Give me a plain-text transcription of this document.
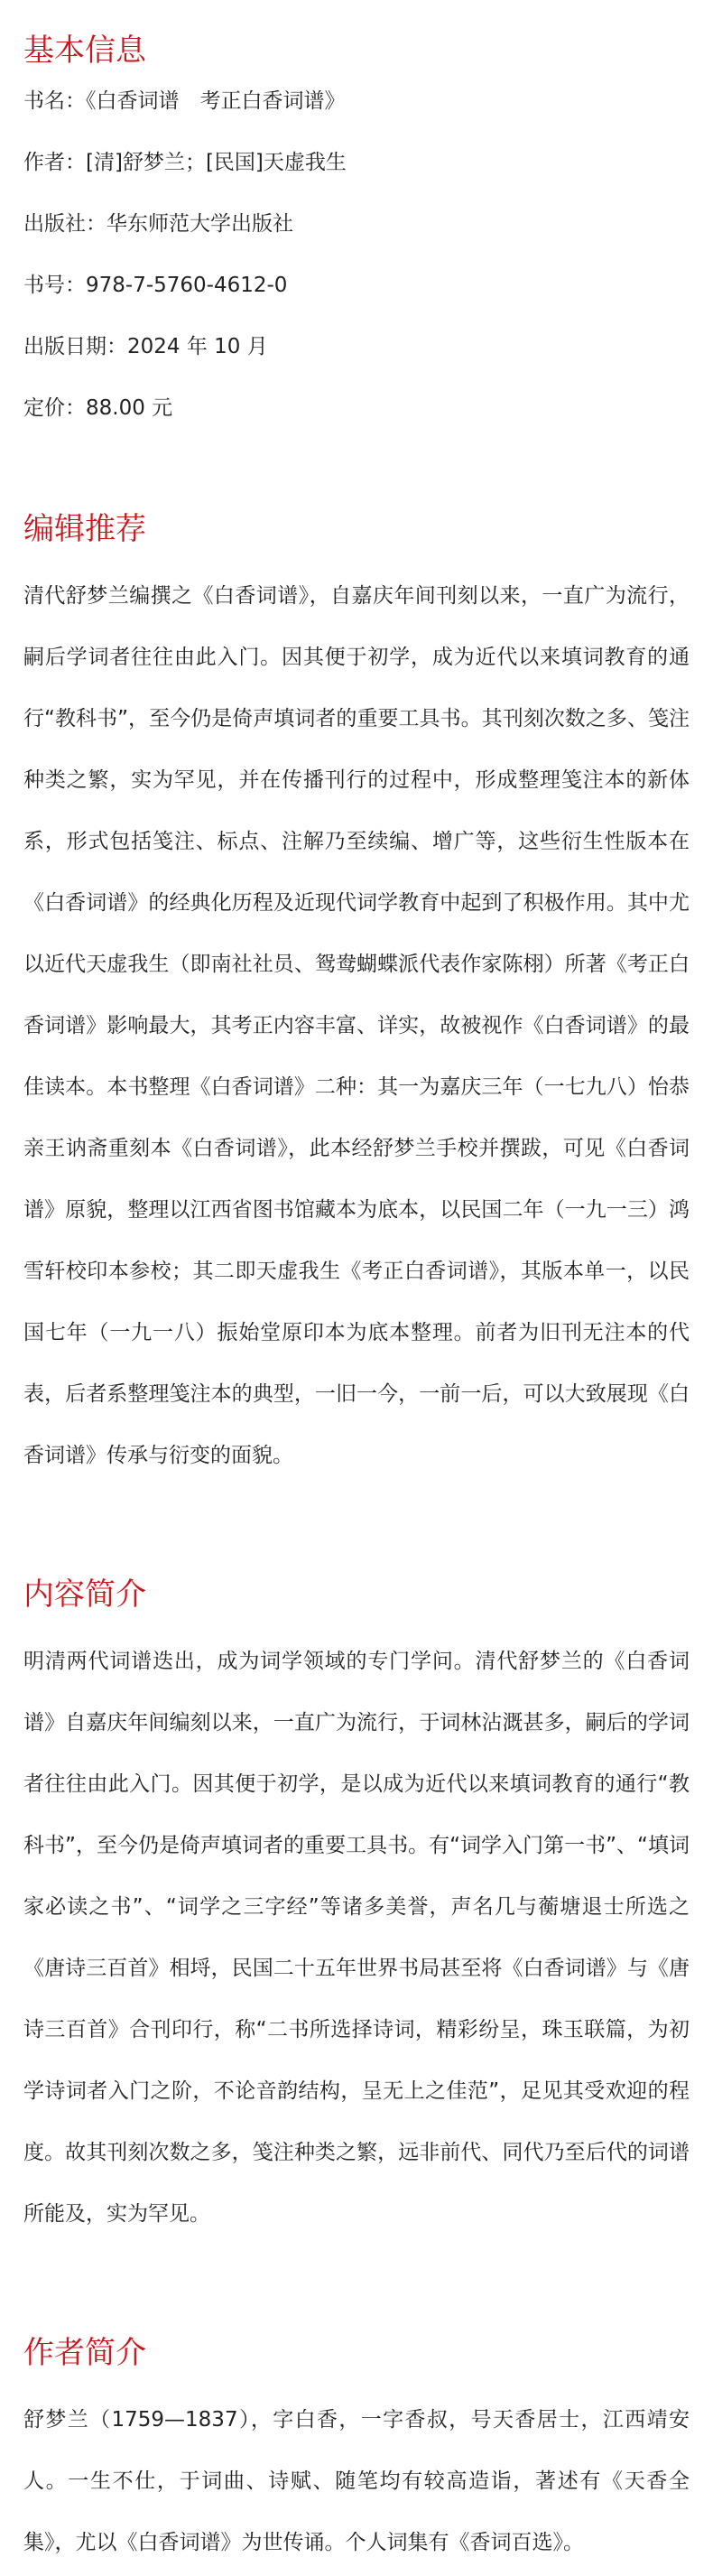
基本信息
书名：《白香词谱　考正白香词谱》
作者：[清]舒梦兰；[民国]天虚我生
出版社：华东师范大学出版社
书号：978-7-5760-4612-0
出版日期：2024 年 10 月
定价：88.00 元
编辑推荐

清代舒梦兰编撰之《白香词谱》，自嘉庆年间刊刻以来，一直广为流行，嗣后学词者往往由此入门。因其便于初学，成为近代以来填词教育的通行“教科书”，至今仍是倚声填词者的重要工具书。其刊刻次数之多、笺注种类之繁，实为罕见，并在传播刊行的过程中，形成整理笺注本的新体系，形式包括笺注、标点、注解乃至续编、增广等，这些衍生性版本在《白香词谱》的经典化历程及近现代词学教育中起到了积极作用。其中尤以近代天虚我生（即南社社员、鸳鸯蝴蝶派代表作家陈栩）所著《考正白香词谱》影响最大，其考正内容丰富、详实，故被视作《白香词谱》的最佳读本。本书整理《白香词谱》二种：其一为嘉庆三年（一七九八）怡恭亲王讷斋重刻本《白香词谱》，此本经舒梦兰手校并撰跋，可见《白香词谱》原貌，整理以江西省图书馆藏本为底本，以民国二年（一九一三）鸿雪轩校印本参校；其二即天虚我生《考正白香词谱》，其版本单一，以民国七年（一九一八）振始堂原印本为底本整理。前者为旧刊无注本的代表，后者系整理笺注本的典型，一旧一今，一前一后，可以大致展现《白香词谱》传承与衍变的面貌。

内容简介

明清两代词谱迭出，成为词学领域的专门学问。清代舒梦兰的《白香词谱》自嘉庆年间编刻以来，一直广为流行，于词林沾溉甚多，嗣后的学词者往往由此入门。因其便于初学，是以成为近代以来填词教育的通行“教科书”，至今仍是倚声填词者的重要工具书。有“词学入门第一书”、“填词家必读之书”、“词学之三字经”等诸多美誉，声名几与蘅塘退士所选之《唐诗三百首》相埒，民国二十五年世界书局甚至将《白香词谱》与《唐诗三百首》合刊印行，称“二书所选择诗词，精彩纷呈，珠玉联篇，为初学诗词者入门之阶，不论音韵结构，呈无上之佳范”，足见其受欢迎的程度。故其刊刻次数之多，笺注种类之繁，远非前代、同代乃至后代的词谱所能及，实为罕见。

作者简介

舒梦兰（1759—1837），字白香，一字香叔，号天香居士，江西靖安人。一生不仕，于词曲、诗赋、随笔均有较高造诣，著述有《天香全集》，尤以《白香词谱》为世传诵。个人词集有《香词百选》。
